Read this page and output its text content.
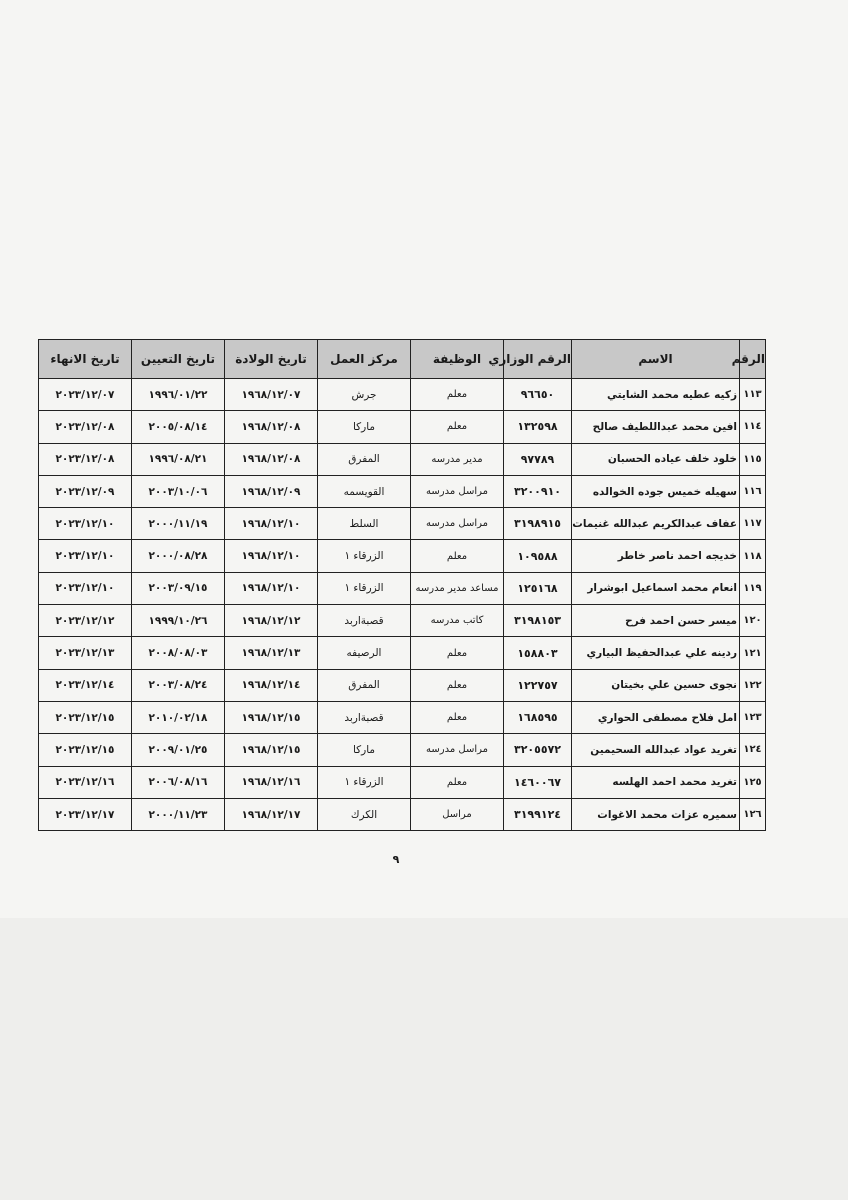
الرقم	الاسم	الرقم الوزاري	الوظيفة	مركز العمل	تاريخ الولادة	تاريخ التعيين	تاريخ الانهاء
١١٣	زكيه عطيه محمد الشايتي	٩٦٦٥٠	معلم	جرش	١٩٦٨/١٢/٠٧	١٩٩٦/٠١/٢٢	٢٠٢٣/١٢/٠٧
١١٤	افين محمد عبداللطيف صالح	١٣٢٥٩٨	معلم	ماركا	١٩٦٨/١٢/٠٨	٢٠٠٥/٠٨/١٤	٢٠٢٣/١٢/٠٨
١١٥	خلود خلف عياده الحسبان	٩٧٧٨٩	مدير مدرسه	المفرق	١٩٦٨/١٢/٠٨	١٩٩٦/٠٨/٢١	٢٠٢٣/١٢/٠٨
١١٦	سهيله خميس جوده الخوالده	٣٢٠٠٩١٠	مراسل مدرسه	القويسمه	١٩٦٨/١٢/٠٩	٢٠٠٣/١٠/٠٦	٢٠٢٣/١٢/٠٩
١١٧	عفاف عبدالكريم عبدالله غنيمات	٣١٩٨٩١٥	مراسل مدرسه	السلط	١٩٦٨/١٢/١٠	٢٠٠٠/١١/١٩	٢٠٢٣/١٢/١٠
١١٨	خديجه احمد ناصر خاطر	١٠٩٥٨٨	معلم	الزرقاء ١	١٩٦٨/١٢/١٠	٢٠٠٠/٠٨/٢٨	٢٠٢٣/١٢/١٠
١١٩	انعام محمد اسماعيل ابوشرار	١٢٥١٦٨	مساعد مدير مدرسه	الزرقاء ١	١٩٦٨/١٢/١٠	٢٠٠٣/٠٩/١٥	٢٠٢٣/١٢/١٠
١٢٠	ميسر حسن احمد فرح	٣١٩٨١٥٣	كاتب مدرسه	قصبةاربد	١٩٦٨/١٢/١٢	١٩٩٩/١٠/٢٦	٢٠٢٣/١٢/١٢
١٢١	ردينه علي عبدالحفيظ البياري	١٥٨٨٠٣	معلم	الرصيفه	١٩٦٨/١٢/١٣	٢٠٠٨/٠٨/٠٣	٢٠٢٣/١٢/١٣
١٢٢	نجوى حسين علي بخيتان	١٢٢٧٥٧	معلم	المفرق	١٩٦٨/١٢/١٤	٢٠٠٣/٠٨/٢٤	٢٠٢٣/١٢/١٤
١٢٣	امل فلاح مصطفى الحواري	١٦٨٥٩٥	معلم	قصبةاربد	١٩٦٨/١٢/١٥	٢٠١٠/٠٢/١٨	٢٠٢٣/١٢/١٥
١٢٤	تغريد عواد عبدالله السحيمين	٣٢٠٥٥٧٢	مراسل مدرسه	ماركا	١٩٦٨/١٢/١٥	٢٠٠٩/٠١/٢٥	٢٠٢٣/١٢/١٥
١٢٥	تغريد محمد احمد الهلسه	١٤٦٠٠٦٧	معلم	الزرقاء ١	١٩٦٨/١٢/١٦	٢٠٠٦/٠٨/١٦	٢٠٢٣/١٢/١٦
١٢٦	سميره عزات محمد الاغوات	٣١٩٩١٢٤	مراسل	الكرك	١٩٦٨/١٢/١٧	٢٠٠٠/١١/٢٣	٢٠٢٣/١٢/١٧
٩
